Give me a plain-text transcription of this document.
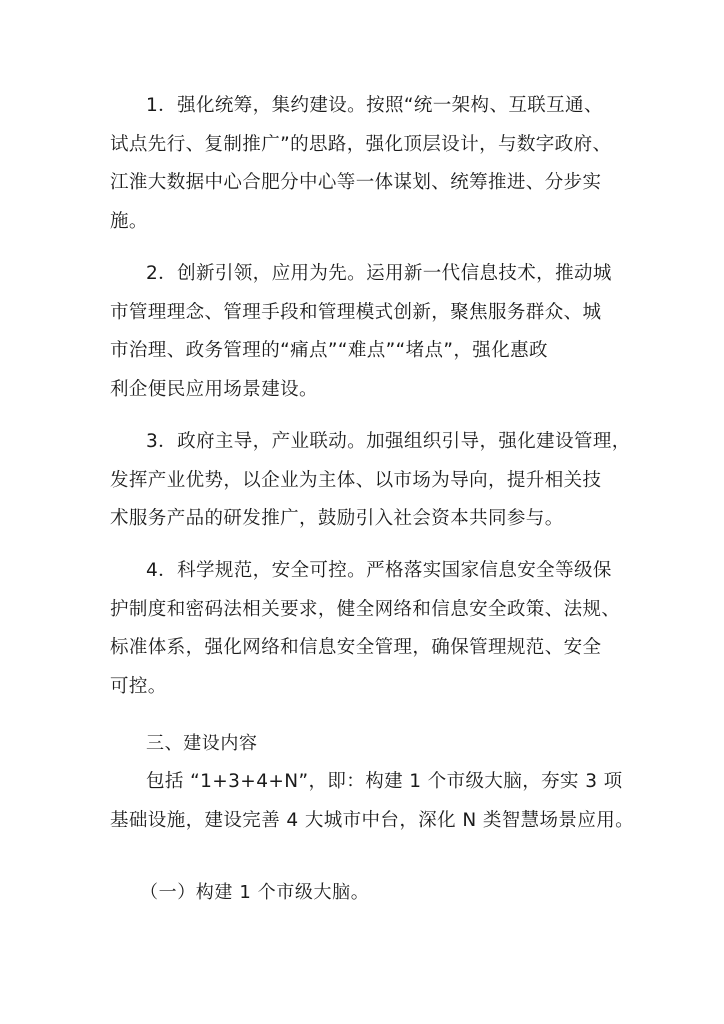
1．强化统筹，集约建设。按照“统一架构、互联互通、
试点先行、复制推广”的思路，强化顶层设计，与数字政府、
江淮大数据中心合肥分中心等一体谋划、统筹推进、分步实
施。
2．创新引领，应用为先。运用新一代信息技术，推动城
市管理理念、管理手段和管理模式创新，聚焦服务群众、城
市治理、政务管理的“痛点”“难点”“堵点”，强化惠政
利企便民应用场景建设。
3．政府主导，产业联动。加强组织引导，强化建设管理，
发挥产业优势，以企业为主体、以市场为导向，提升相关技
术服务产品的研发推广，鼓励引入社会资本共同参与。
4．科学规范，安全可控。严格落实国家信息安全等级保
护制度和密码法相关要求，健全网络和信息安全政策、法规、
标准体系，强化网络和信息安全管理，确保管理规范、安全
可控。
三、建设内容
包括 “1+3+4+N”，即：构建 1 个市级大脑，夯实 3 项
基础设施，建设完善 4 大城市中台，深化 N 类智慧场景应用。
（一）构建 1 个市级大脑。
